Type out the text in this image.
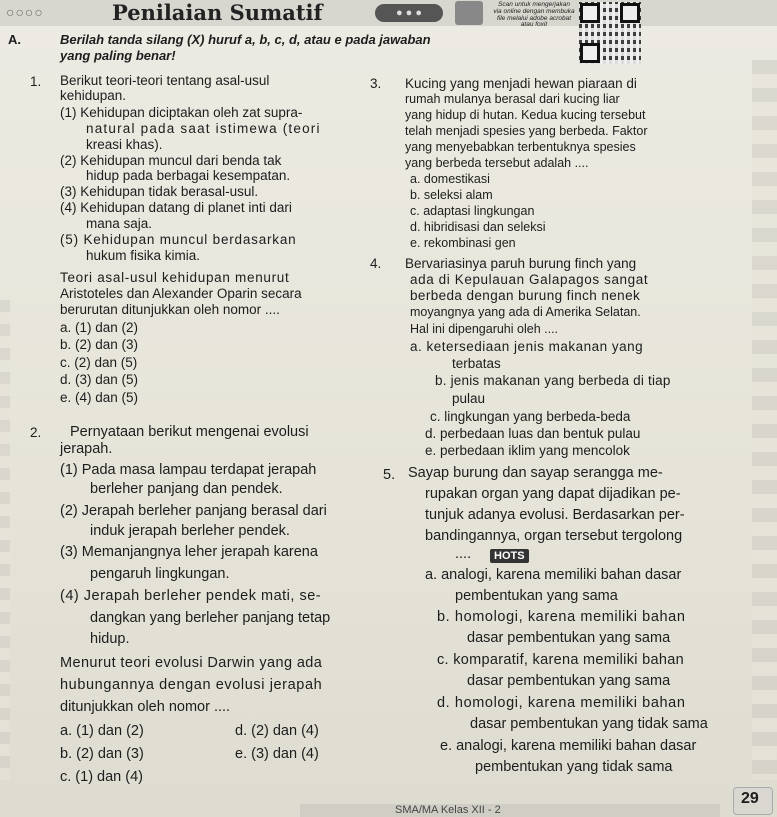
○○○○	Penilaian Sumatif	● ● ●
Scan untuk mengerjakan via online dengan membuka file melalui adobe acrobat atau foxit
A.	Berilah tanda silang (X) huruf a, b, c, d, atau e pada jawaban
yang paling benar!
1. Berikut teori-teori tentang asal-usul
kehidupan.
(1) Kehidupan diciptakan oleh zat supra-
natural pada saat istimewa (teori
kreasi khas).
(2) Kehidupan muncul dari benda tak
hidup pada berbagai kesempatan.
(3) Kehidupan tidak berasal-usul.
(4) Kehidupan datang di planet inti dari
mana saja.
(5) Kehidupan muncul berdasarkan
hukum fisika kimia.
Teori asal-usul kehidupan menurut
Aristoteles dan Alexander Oparin secara
berurutan ditunjukkan oleh nomor ....
a. (1) dan (2)
b. (2) dan (3)
c. (2) dan (5)
d. (3) dan (5)
e. (4) dan (5)
2. Pernyataan berikut mengenai evolusi
jerapah.
(1) Pada masa lampau terdapat jerapah
berleher panjang dan pendek.
(2) Jerapah berleher panjang berasal dari
induk jerapah berleher pendek.
(3) Memanjangnya leher jerapah karena
pengaruh lingkungan.
(4) Jerapah berleher pendek mati, se-
dangkan yang berleher panjang tetap
hidup.
Menurut teori evolusi Darwin yang ada
hubungannya dengan evolusi jerapah
ditunjukkan oleh nomor ....
a. (1) dan (2)	d. (2) dan (4)
b. (2) dan (3)	e. (3) dan (4)
c. (1) dan (4)
3. Kucing yang menjadi hewan piaraan di
rumah mulanya berasal dari kucing liar
yang hidup di hutan. Kedua kucing tersebut
telah menjadi spesies yang berbeda. Faktor
yang menyebabkan terbentuknya spesies
yang berbeda tersebut adalah ....
a. domestikasi
b. seleksi alam
c. adaptasi lingkungan
d. hibridisasi dan seleksi
e. rekombinasi gen
4. Bervariasinya paruh burung finch yang
ada di Kepulauan Galapagos sangat
berbeda dengan burung finch nenek
moyangnya yang ada di Amerika Selatan.
Hal ini dipengaruhi oleh ....
a. ketersediaan jenis makanan yang
terbatas
b. jenis makanan yang berbeda di tiap
pulau
c. lingkungan yang berbeda-beda
d. perbedaan luas dan bentuk pulau
e. perbedaan iklim yang mencolok
5. Sayap burung dan sayap serangga me-
rupakan organ yang dapat dijadikan pe-
tunjuk adanya evolusi. Berdasarkan per-
bandingannya, organ tersebut tergolong
....	HOTS
a. analogi, karena memiliki bahan dasar
pembentukan yang sama
b. homologi, karena memiliki bahan
dasar pembentukan yang sama
c. komparatif, karena memiliki bahan
dasar pembentukan yang sama
d. homologi, karena memiliki bahan
dasar pembentukan yang tidak sama
e. analogi, karena memiliki bahan dasar
pembentukan yang tidak sama
SMA/MA Kelas XII - 2
29
